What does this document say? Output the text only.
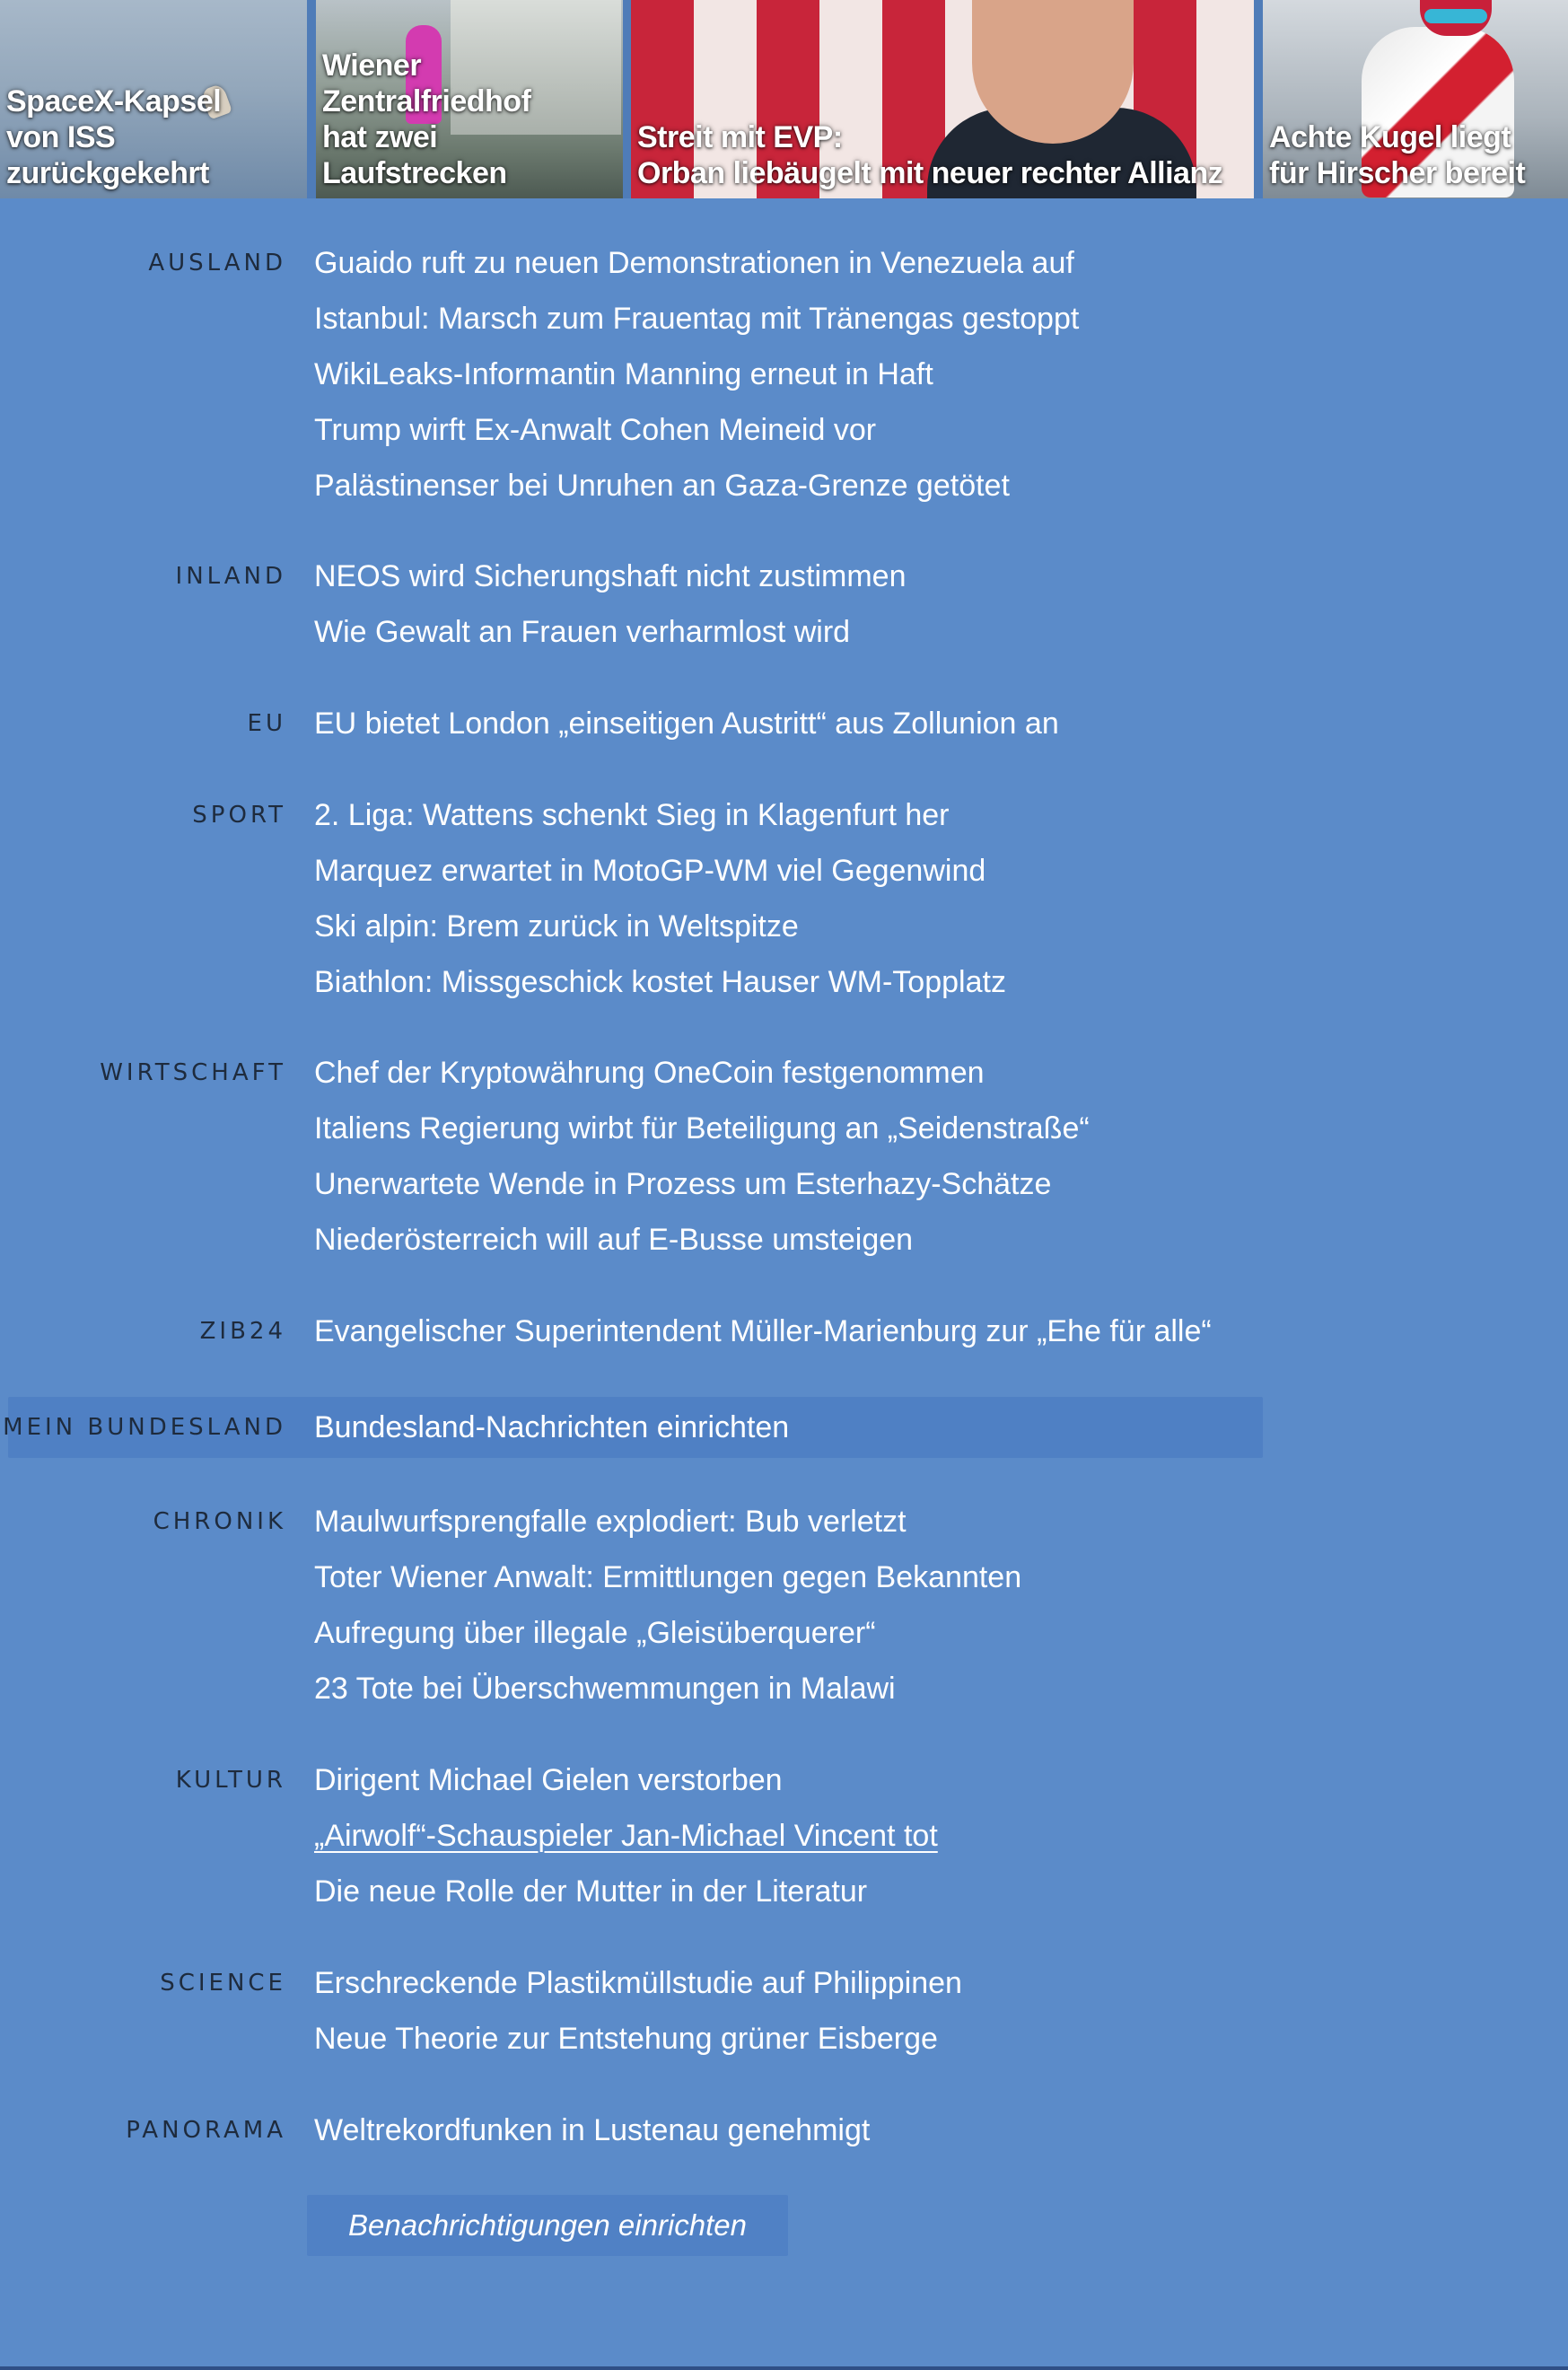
SpaceX-Kapsel
von ISS zurückgekehrt
Wiener Zentralfriedhof
hat zwei Laufstrecken
Streit mit EVP:
Orban liebäugelt mit neuer rechter Allianz
Achte Kugel liegt
für Hirscher bereit
AUSLAND Guaido ruft zu neuen Demonstrationen in Venezuela auf
Istanbul: Marsch zum Frauentag mit Tränengas gestoppt
WikiLeaks-Informantin Manning erneut in Haft
Trump wirft Ex-Anwalt Cohen Meineid vor
Palästinenser bei Unruhen an Gaza-Grenze getötet
INLAND NEOS wird Sicherungshaft nicht zustimmen
Wie Gewalt an Frauen verharmlost wird
EU EU bietet London „einseitigen Austritt“ aus Zollunion an
SPORT 2. Liga: Wattens schenkt Sieg in Klagenfurt her
Marquez erwartet in MotoGP-WM viel Gegenwind
Ski alpin: Brem zurück in Weltspitze
Biathlon: Missgeschick kostet Hauser WM-Topplatz
WIRTSCHAFT Chef der Kryptowährung OneCoin festgenommen
Italiens Regierung wirbt für Beteiligung an „Seidenstraße“
Unerwartete Wende in Prozess um Esterhazy-Schätze
Niederösterreich will auf E-Busse umsteigen
ZIB24 Evangelischer Superintendent Müller-Marienburg zur „Ehe für alle“
MEIN BUNDESLAND Bundesland-Nachrichten einrichten
CHRONIK Maulwurfsprengfalle explodiert: Bub verletzt
Toter Wiener Anwalt: Ermittlungen gegen Bekannten
Aufregung über illegale „Gleisüberquerer“
23 Tote bei Überschwemmungen in Malawi
KULTUR Dirigent Michael Gielen verstorben
„Airwolf“-Schauspieler Jan-Michael Vincent tot
Die neue Rolle der Mutter in der Literatur
SCIENCE Erschreckende Plastikmüllstudie auf Philippinen
Neue Theorie zur Entstehung grüner Eisberge
PANORAMA Weltrekordfunken in Lustenau genehmigt
Benachrichtigungen einrichten
